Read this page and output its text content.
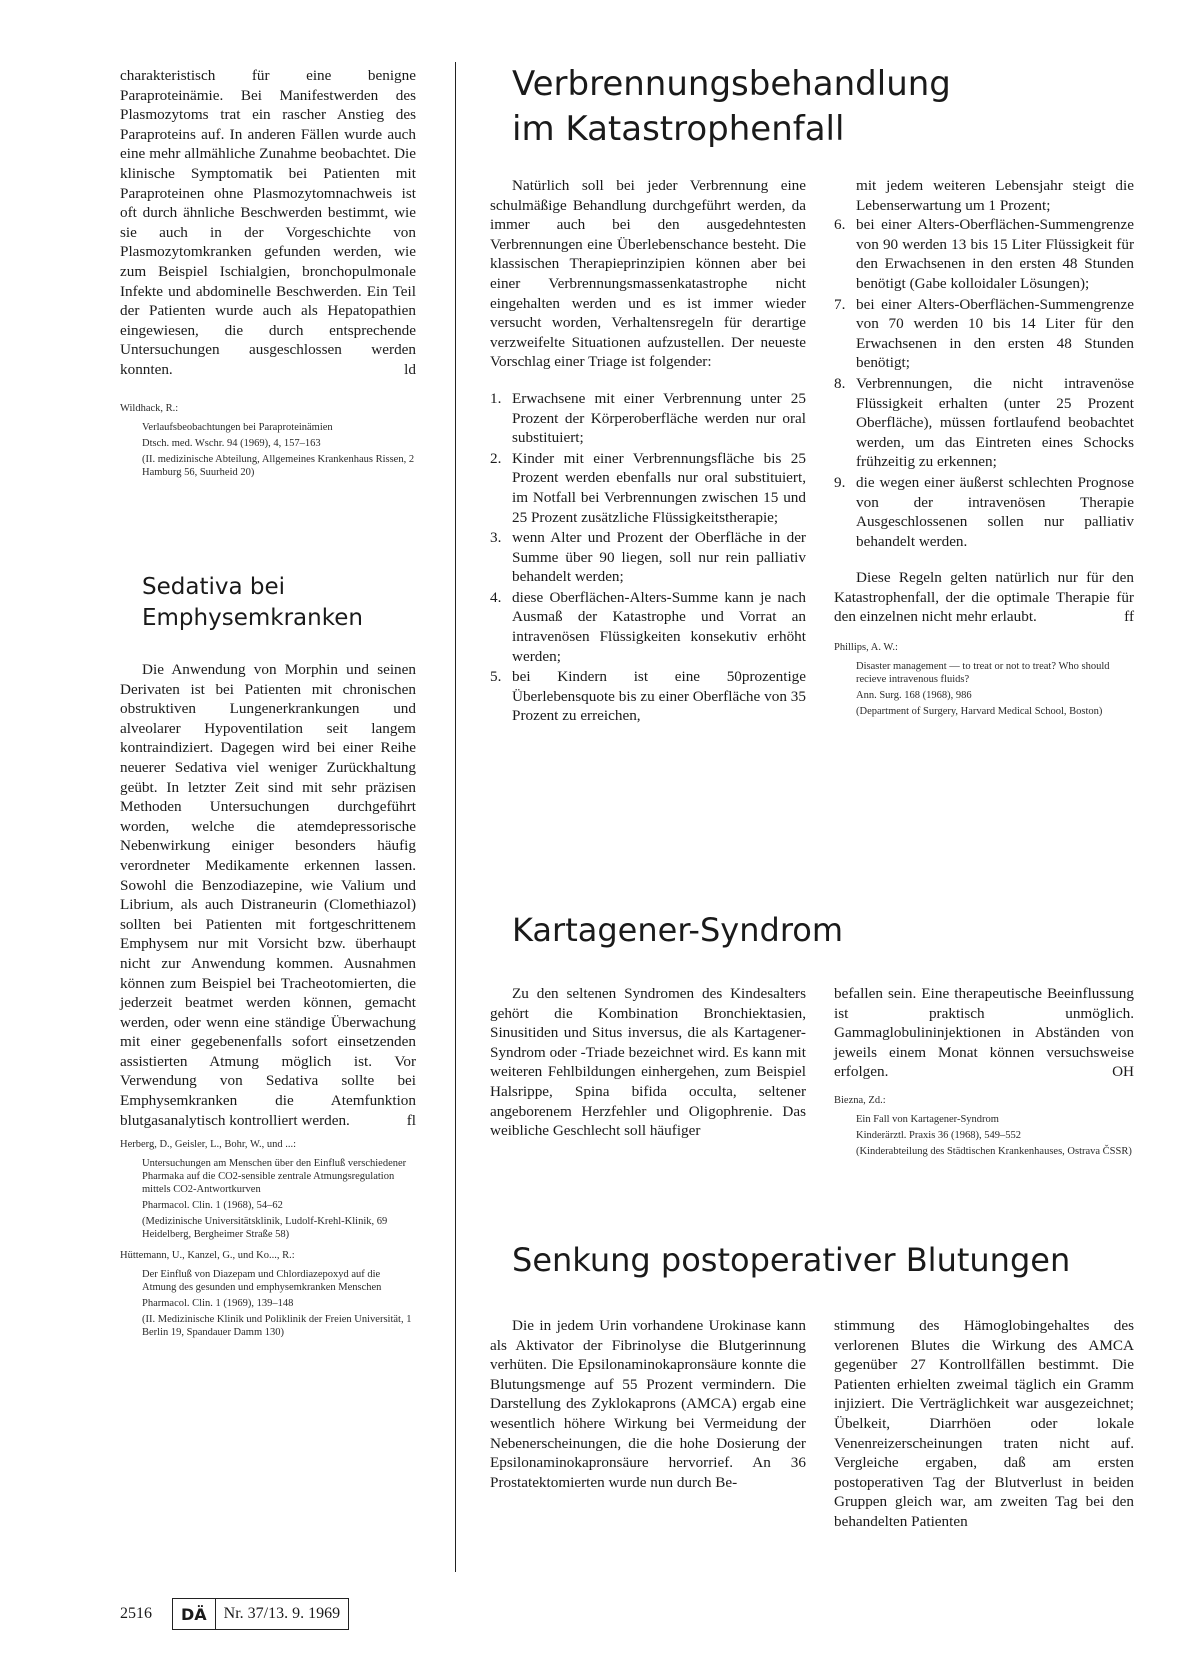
charakteristisch für eine benigne Paraproteinämie. Bei Manifestwerden des Plasmozytoms trat ein rascher Anstieg des Paraproteins auf. In anderen Fällen wurde auch eine mehr allmähliche Zunahme beobachtet. Die klinische Symptomatik bei Patienten mit Paraproteinen ohne Plasmozytomnachweis ist oft durch ähnliche Beschwerden bestimmt, wie sie auch in der Vorgeschichte von Plasmozytomkranken gefunden werden, wie zum Beispiel Ischialgien, bronchopulmonale Infekte und abdominelle Beschwerden. Ein Teil der Patienten wurde auch als Hepatopathien eingewiesen, die durch entsprechende Untersuchungen ausgeschlossen werden konnten.	ld

Wildhack, R.:

Verlaufsbeobachtungen bei Paraproteinämien

Dtsch. med. Wschr. 94 (1969), 4, 157–163

(II. medizinische Abteilung, Allgemeines Krankenhaus Rissen, 2 Hamburg 56, Suurheid 20)

Sedativa bei
Emphysemkranken

Die Anwendung von Morphin und seinen Derivaten ist bei Patienten mit chronischen obstruktiven Lungenerkrankungen und alveolarer Hypoventilation seit langem kontraindiziert. Dagegen wird bei einer Reihe neuerer Sedativa viel weniger Zurückhaltung geübt. In letzter Zeit sind mit sehr präzisen Methoden Untersuchungen durchgeführt worden, welche die atemdepressorische Nebenwirkung einiger besonders häufig verordneter Medikamente erkennen lassen. Sowohl die Benzodiazepine, wie Valium und Librium, als auch Distraneurin (Clomethiazol) sollten bei Patienten mit fortgeschrittenem Emphysem nur mit Vorsicht bzw. überhaupt nicht zur Anwendung kommen. Ausnahmen können zum Beispiel bei Tracheotomierten, die jederzeit beatmet werden können, gemacht werden, oder wenn eine ständige Überwachung mit einer gegebenenfalls sofort einsetzenden assistierten Atmung möglich ist. Vor Verwendung von Sedativa sollte bei Emphysemkranken die Atemfunktion blutgasanalytisch kontrolliert werden.	fl

Herberg, D., Geisler, L., Bohr, W., und ...:

Untersuchungen am Menschen über den Einfluß verschiedener Pharmaka auf die CO2-sensible zentrale Atmungsregulation mittels CO2-Antwortkurven

Pharmacol. Clin. 1 (1968), 54–62

(Medizinische Universitätsklinik, Ludolf-Krehl-Klinik, 69 Heidelberg, Bergheimer Straße 58)

Hüttemann, U., Kanzel, G., und Ko..., R.:

Der Einfluß von Diazepam und Chlordiazepoxyd auf die Atmung des gesunden und emphysemkranken Menschen

Pharmacol. Clin. 1 (1969), 139–148

(II. Medizinische Klinik und Poliklinik der Freien Universität, 1 Berlin 19, Spandauer Damm 130)

Verbrennungsbehandlung
im Katastrophenfall

Natürlich soll bei jeder Verbrennung eine schulmäßige Behandlung durchgeführt werden, da immer auch bei den ausgedehntesten Verbrennungen eine Überlebenschance besteht. Die klassischen Therapieprinzipien können aber bei einer Verbrennungsmassenkatastrophe nicht eingehalten werden und es ist immer wieder versucht worden, Verhaltensregeln für derartige verzweifelte Situationen aufzustellen. Der neueste Vorschlag einer Triage ist folgender:

1. Erwachsene mit einer Verbrennung unter 25 Prozent der Körperoberfläche werden nur oral substituiert;
2. Kinder mit einer Verbrennungsfläche bis 25 Prozent werden ebenfalls nur oral substituiert, im Notfall bei Verbrennungen zwischen 15 und 25 Prozent zusätzliche Flüssigkeitstherapie;
3. wenn Alter und Prozent der Oberfläche in der Summe über 90 liegen, soll nur rein palliativ behandelt werden;
4. diese Oberflächen-Alters-Summe kann je nach Ausmaß der Katastrophe und Vorrat an intravenösen Flüssigkeiten konsekutiv erhöht werden;
5. bei Kindern ist eine 50prozentige Überlebensquote bis zu einer Oberfläche von 35 Prozent zu erreichen,

mit jedem weiteren Lebensjahr steigt die Lebenserwartung um 1 Prozent;

6. bei einer Alters-Oberflächen-Summengrenze von 90 werden 13 bis 15 Liter Flüssigkeit für den Erwachsenen in den ersten 48 Stunden benötigt (Gabe kolloidaler Lösungen);
7. bei einer Alters-Oberflächen-Summengrenze von 70 werden 10 bis 14 Liter für den Erwachsenen in den ersten 48 Stunden benötigt;
8. Verbrennungen, die nicht intravenöse Flüssigkeit erhalten (unter 25 Prozent Oberfläche), müssen fortlaufend beobachtet werden, um das Eintreten eines Schocks frühzeitig zu erkennen;
9. die wegen einer äußerst schlechten Prognose von der intravenösen Therapie Ausgeschlossenen sollen nur palliativ behandelt werden.

Diese Regeln gelten natürlich nur für den Katastrophenfall, der die optimale Therapie für den einzelnen nicht mehr erlaubt.	ff

Phillips, A. W.:

Disaster management — to treat or not to treat? Who should recieve intravenous fluids?

Ann. Surg. 168 (1968), 986

(Department of Surgery, Harvard Medical School, Boston)

Kartagener-Syndrom

Zu den seltenen Syndromen des Kindesalters gehört die Kombination Bronchiektasien, Sinusitiden und Situs inversus, die als Kartagener-Syndrom oder -Triade bezeichnet wird. Es kann mit weiteren Fehlbildungen einhergehen, zum Beispiel Halsrippe, Spina bifida occulta, seltener angeborenem Herzfehler und Oligophrenie. Das weibliche Geschlecht soll häufiger

befallen sein. Eine therapeutische Beeinflussung ist praktisch unmöglich. Gammaglobulininjektionen in Abständen von jeweils einem Monat können versuchsweise erfolgen.	OH

Biezna, Zd.:

Ein Fall von Kartagener-Syndrom

Kinderärztl. Praxis 36 (1968), 549–552

(Kinderabteilung des Städtischen Krankenhauses, Ostrava ČSSR)

Senkung postoperativer Blutungen

Die in jedem Urin vorhandene Urokinase kann als Aktivator der Fibrinolyse die Blutgerinnung verhüten. Die Epsilonaminokapronsäure konnte die Blutungsmenge auf 55 Prozent vermindern. Die Darstellung des Zyklokaprons (AMCA) ergab eine wesentlich höhere Wirkung bei Vermeidung der Nebenerscheinungen, die die hohe Dosierung der Epsilonaminokapronsäure hervorrief. An 36 Prostatektomierten wurde nun durch Be-

stimmung des Hämoglobingehaltes des verlorenen Blutes die Wirkung des AMCA gegenüber 27 Kontrollfällen bestimmt. Die Patienten erhielten zweimal täglich ein Gramm injiziert. Die Verträglichkeit war ausgezeichnet; Übelkeit, Diarrhöen oder lokale Venenreizerscheinungen traten nicht auf. Vergleiche ergaben, daß am ersten postoperativen Tag der Blutverlust in beiden Gruppen gleich war, am zweiten Tag bei den behandelten Patienten

2516	DÄ	Nr. 37/13. 9. 1969
